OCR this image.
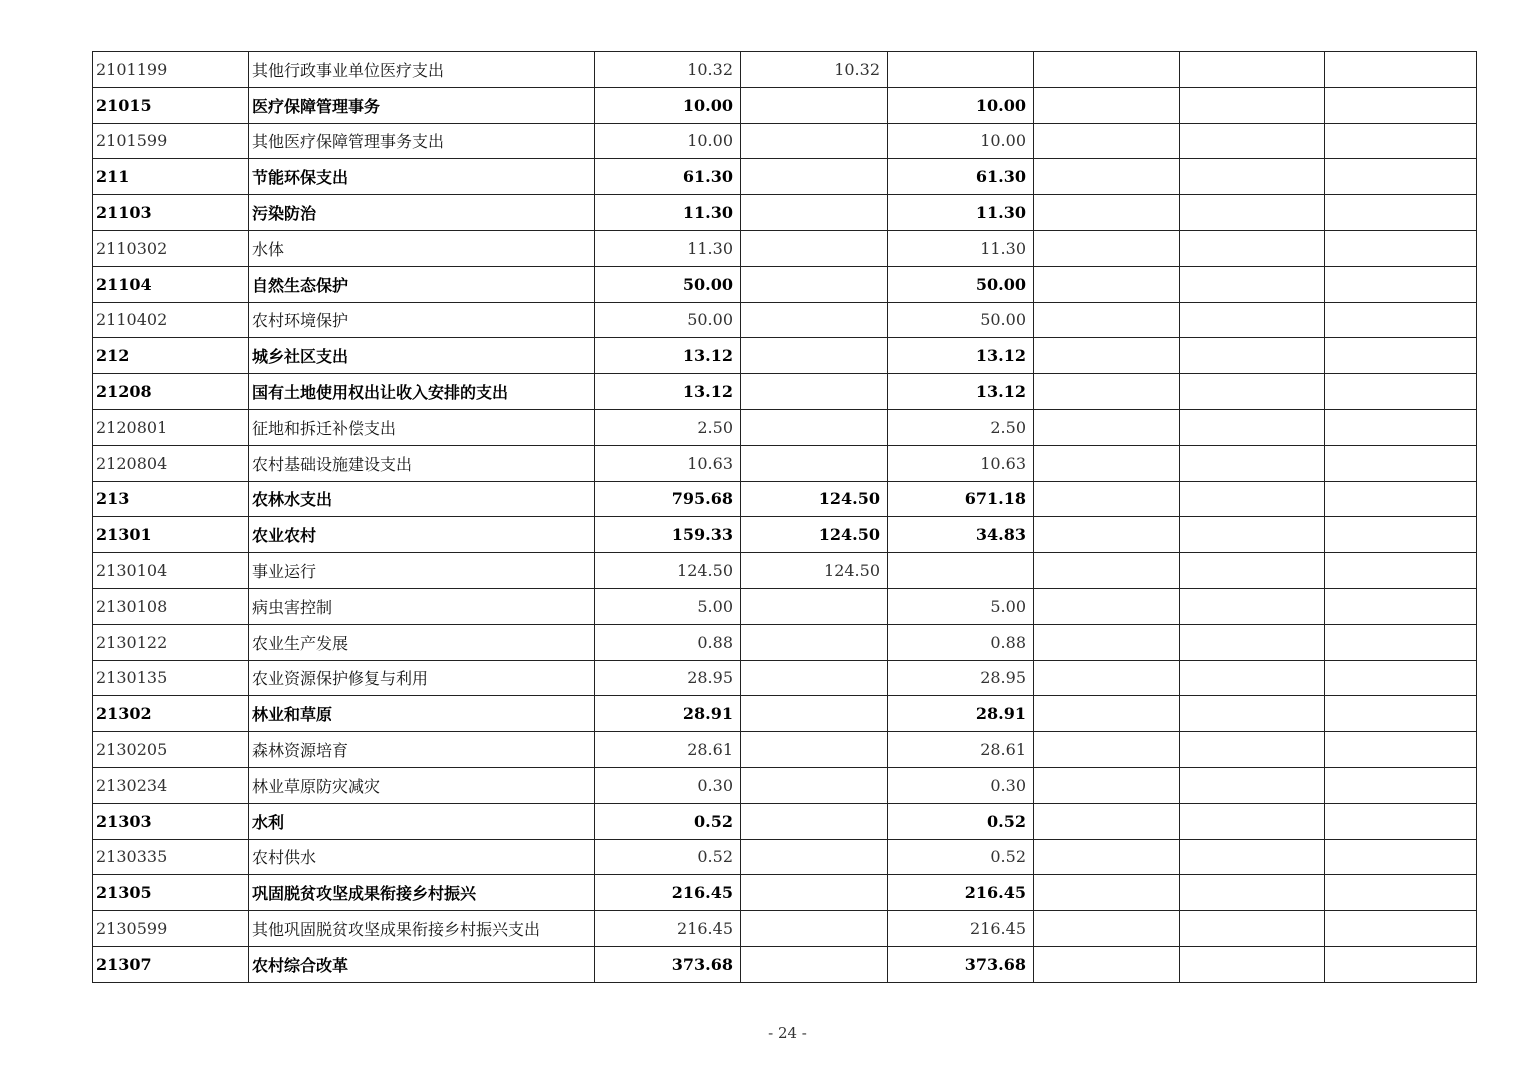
2101199	其他行政事业单位医疗支出	10.32	10.32				
21015	医疗保障管理事务	10.00		10.00			
2101599	其他医疗保障管理事务支出	10.00		10.00			
211	节能环保支出	61.30		61.30			
21103	污染防治	11.30		11.30			
2110302	水体	11.30		11.30			
21104	自然生态保护	50.00		50.00			
2110402	农村环境保护	50.00		50.00			
212	城乡社区支出	13.12		13.12			
21208	国有土地使用权出让收入安排的支出	13.12		13.12			
2120801	征地和拆迁补偿支出	2.50		2.50			
2120804	农村基础设施建设支出	10.63		10.63			
213	农林水支出	795.68	124.50	671.18			
21301	农业农村	159.33	124.50	34.83			
2130104	事业运行	124.50	124.50				
2130108	病虫害控制	5.00		5.00			
2130122	农业生产发展	0.88		0.88			
2130135	农业资源保护修复与利用	28.95		28.95			
21302	林业和草原	28.91		28.91			
2130205	森林资源培育	28.61		28.61			
2130234	林业草原防灾减灾	0.30		0.30			
21303	水利	0.52		0.52			
2130335	农村供水	0.52		0.52			
21305	巩固脱贫攻坚成果衔接乡村振兴	216.45		216.45			
2130599	其他巩固脱贫攻坚成果衔接乡村振兴支出	216.45		216.45			
21307	农村综合改革	373.68		373.68			
- 24 -
